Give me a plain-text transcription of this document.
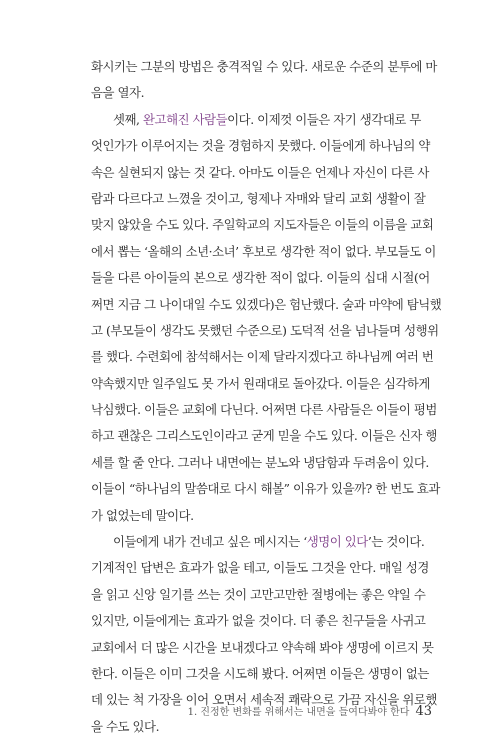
화시키는 그분의 방법은 충격적일 수 있다. 새로운 수준의 분투에 마
음을 열자.
셋째, 완고해진 사람들이다. 이제껏 이들은 자기 생각대로 무
엇인가가 이루어지는 것을 경험하지 못했다. 이들에게 하나님의 약
속은 실현되지 않는 것 같다. 아마도 이들은 언제나 자신이 다른 사
람과 다르다고 느꼈을 것이고, 형제나 자매와 달리 교회 생활이 잘
맞지 않았을 수도 있다. 주일학교의 지도자들은 이들의 이름을 교회
에서 뽑는 ‘올해의 소년·소녀’ 후보로 생각한 적이 없다. 부모들도 이
들을 다른 아이들의 본으로 생각한 적이 없다. 이들의 십대 시절(어
쩌면 지금 그 나이대일 수도 있겠다)은 험난했다. 술과 마약에 탐닉했
고 (부모들이 생각도 못했던 수준으로) 도덕적 선을 넘나들며 성행위
를 했다. 수련회에 참석해서는 이제 달라지겠다고 하나님께 여러 번
약속했지만 일주일도 못 가서 원래대로 돌아갔다. 이들은 심각하게
낙심했다. 이들은 교회에 다닌다. 어쩌면 다른 사람들은 이들이 평범
하고 괜찮은 그리스도인이라고 굳게 믿을 수도 있다. 이들은 신자 행
세를 할 줄 안다. 그러나 내면에는 분노와 냉담함과 두려움이 있다.
이들이 “하나님의 말씀대로 다시 해볼” 이유가 있을까? 한 번도 효과
가 없었는데 말이다.
이들에게 내가 건네고 싶은 메시지는 ‘생명이 있다’는 것이다.
기계적인 답변은 효과가 없을 테고, 이들도 그것을 안다. 매일 성경
을 읽고 신앙 일기를 쓰는 것이 고만고만한 절병에는 좋은 약일 수
있지만, 이들에게는 효과가 없을 것이다. 더 좋은 친구들을 사귀고
교회에서 더 많은 시간을 보내겠다고 약속해 봐야 생명에 이르지 못
한다. 이들은 이미 그것을 시도해 봤다. 어쩌면 이들은 생명이 없는
데 있는 척 가장을 이어 오면서 세속적 쾌락으로 가끔 자신을 위로했
을 수도 있다.
1. 진정한 변화를 위해서는 내면을 들여다봐야 한다 43
